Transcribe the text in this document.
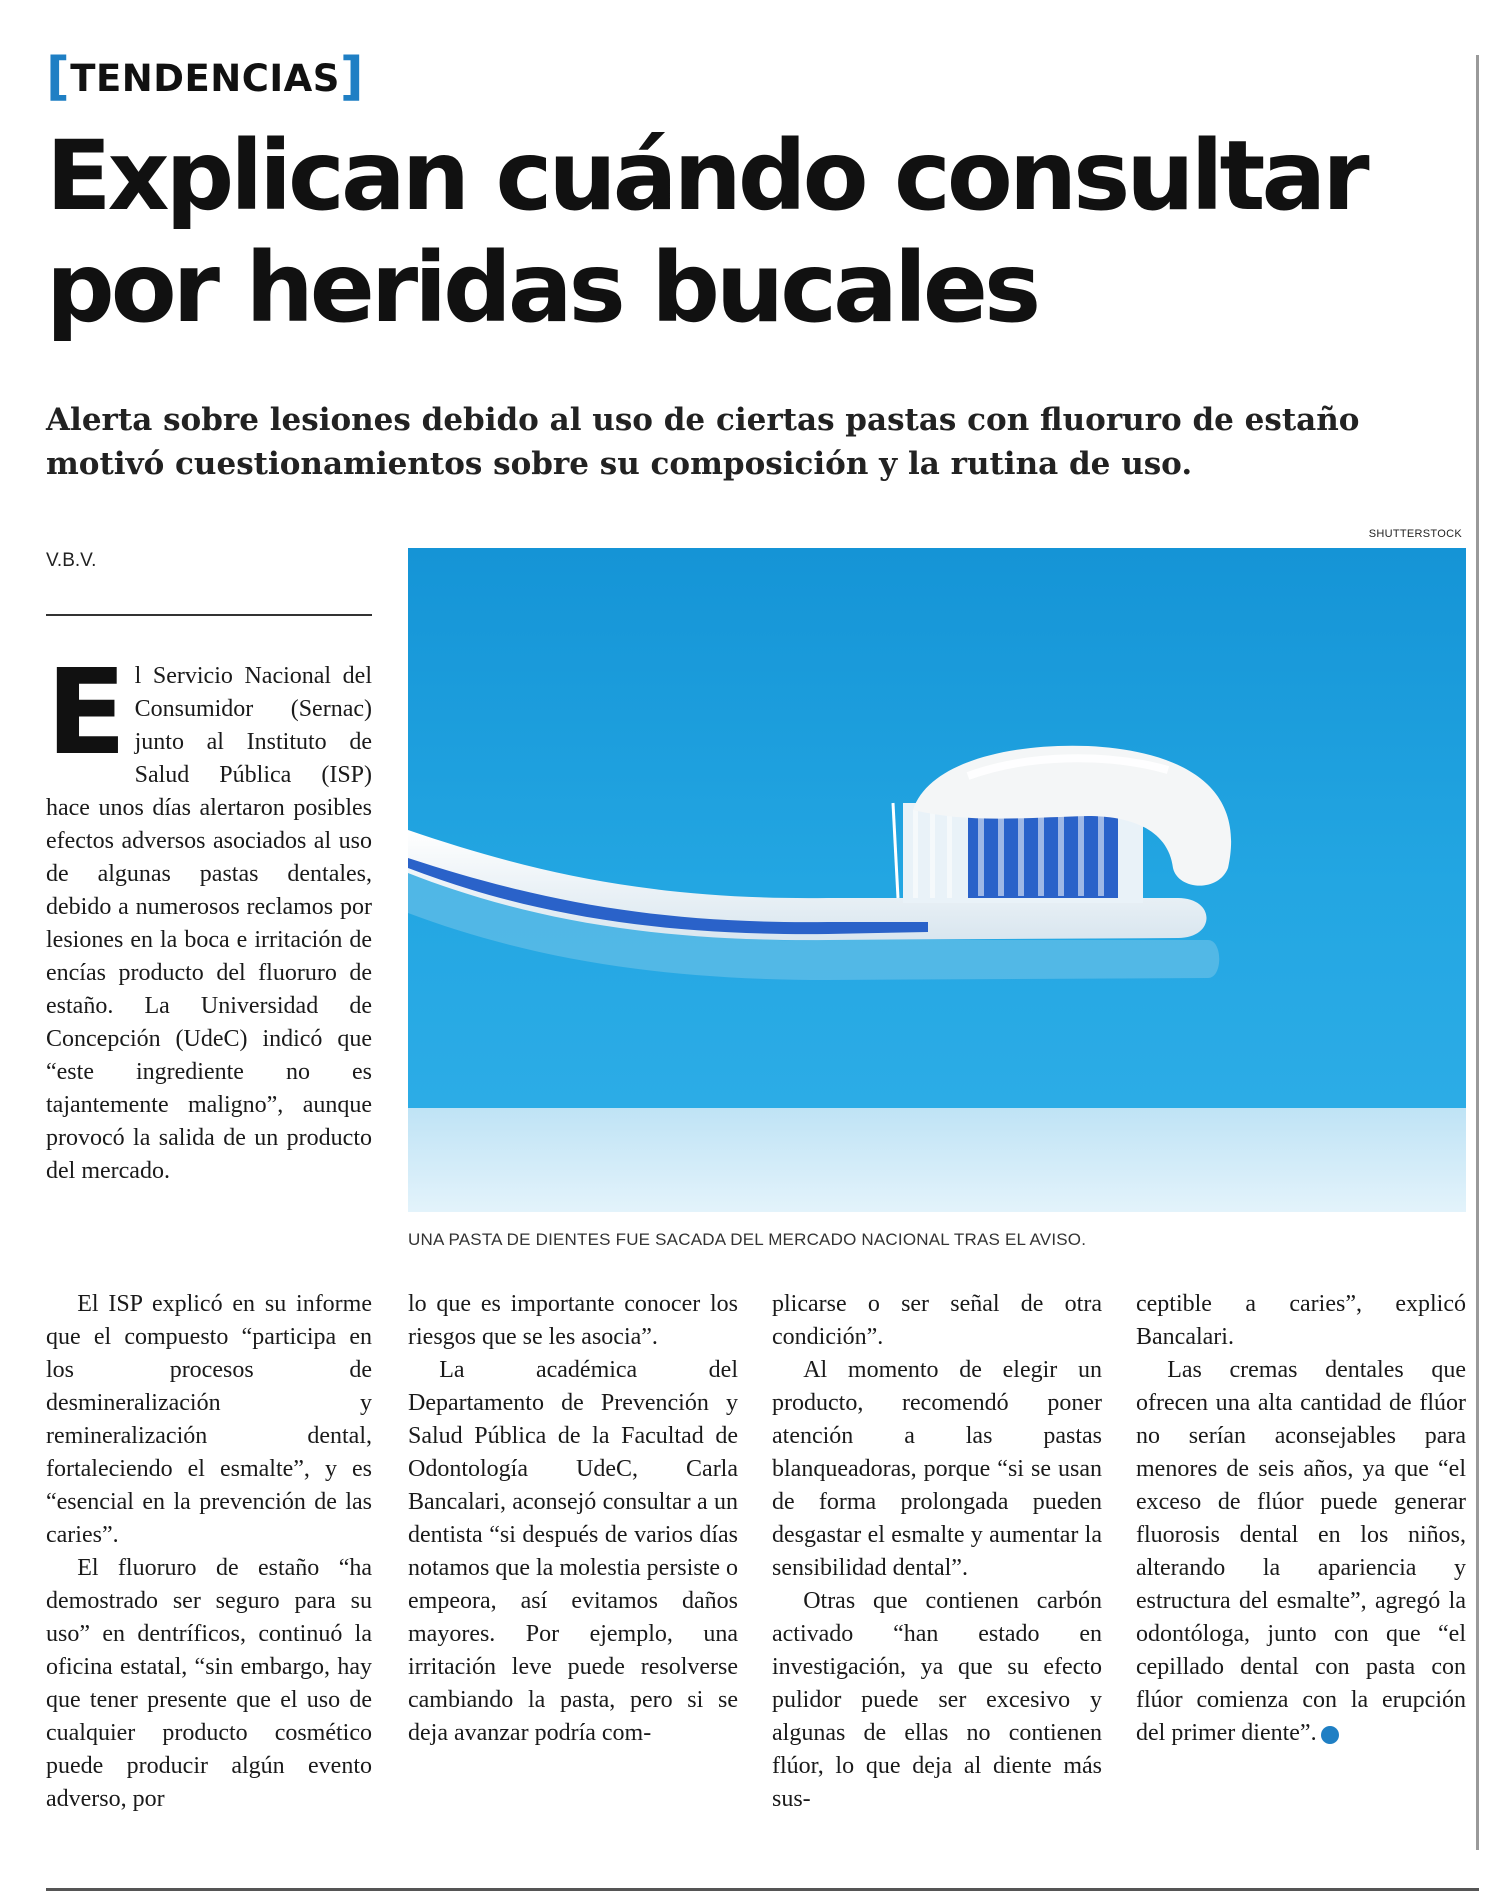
[TENDENCIAS]
Explican cuándo consultar por heridas bucales
Alerta sobre lesiones debido al uso de ciertas pastas con fluoruro de estaño motivó cuestionamientos sobre su composición y la rutina de uso.
V.B.V.
SHUTTERSTOCK
UNA PASTA DE DIENTES FUE SACADA DEL MERCADO NACIONAL TRAS EL AVISO.

El Servicio Nacional del Consumidor (Sernac) junto al Instituto de Salud Pública (ISP) hace unos días alertaron posibles efectos adversos asociados al uso de algunas pastas dentales, debido a numerosos reclamos por lesiones en la boca e irritación de encías producto del fluoruro de estaño. La Universidad de Concepción (UdeC) indicó que “este ingrediente no es tajantemente maligno”, aunque provocó la salida de un producto del mercado.

El ISP explicó en su informe que el compuesto “participa en los procesos de desmineralización y remineralización dental, fortaleciendo el esmalte”, y es “esencial en la prevención de las caries”.

El fluoruro de estaño “ha demostrado ser seguro para su uso” en dentríficos, continuó la oficina estatal, “sin embargo, hay que tener presente que el uso de cualquier producto cosmético puede producir algún evento adverso, por

lo que es importante conocer los riesgos que se les asocia”.

La académica del Departamento de Prevención y Salud Pública de la Facultad de Odontología UdeC, Carla Bancalari, aconsejó consultar a un dentista “si después de varios días notamos que la molestia persiste o empeora, así evitamos daños mayores. Por ejemplo, una irritación leve puede resolverse cambiando la pasta, pero si se deja avanzar podría com-

plicarse o ser señal de otra condición”.

Al momento de elegir un producto, recomendó poner atención a las pastas blanqueadoras, porque “si se usan de forma prolongada pueden desgastar el esmalte y aumentar la sensibilidad dental”.

Otras que contienen carbón activado “han estado en investigación, ya que su efecto pulidor puede ser excesivo y algunas de ellas no contienen flúor, lo que deja al diente más sus-

ceptible a caries”, explicó Bancalari.

Las cremas dentales que ofrecen una alta cantidad de flúor no serían aconsejables para menores de seis años, ya que “el exceso de flúor puede generar fluorosis dental en los niños, alterando la apariencia y estructura del esmalte”, agregó la odontóloga, junto con que “el cepillado dental con pasta con flúor comienza con la erupción del primer diente”.	✪
